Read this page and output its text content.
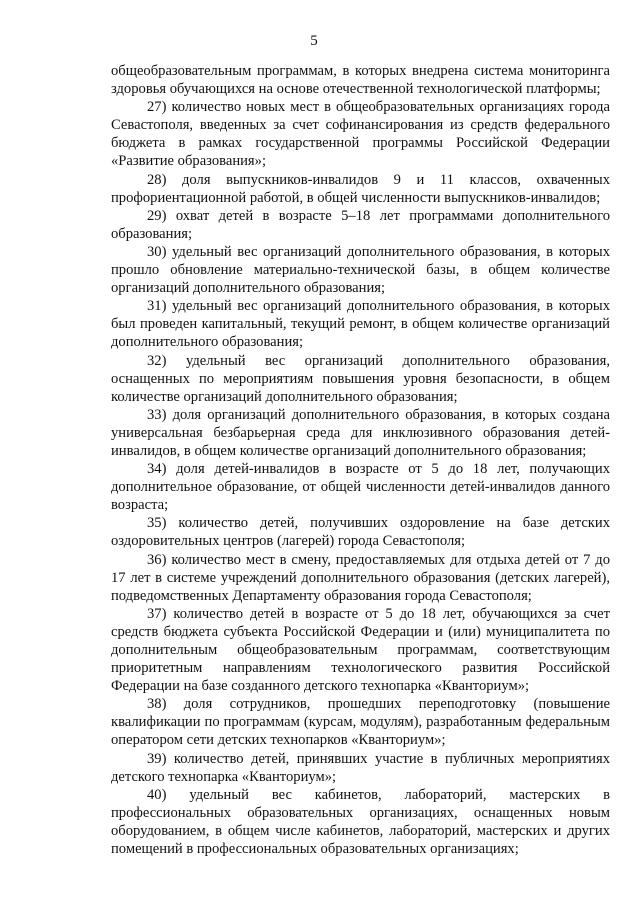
5

общеобразовательным программам, в которых внедрена система мониторинга здоровья обучающихся на основе отечественной технологической платформы;

27) количество новых мест в общеобразовательных организациях города Севастополя, введенных за счет софинансирования из средств федерального бюджета в рамках государственной программы Российской Федерации «Развитие образования»;

28) доля выпускников-инвалидов 9 и 11 классов, охваченных профориентационной работой, в общей численности выпускников-инвалидов;

29) охват детей в возрасте 5–18 лет программами дополнительного образования;

30) удельный вес организаций дополнительного образования, в которых прошло обновление материально-технической базы, в общем количестве организаций дополнительного образования;

31) удельный вес организаций дополнительного образования, в которых был проведен капитальный, текущий ремонт, в общем количестве организаций дополнительного образования;

32) удельный вес организаций дополнительного образования, оснащенных по мероприятиям повышения уровня безопасности, в общем количестве организаций дополнительного образования;

33) доля организаций дополнительного образования, в которых создана универсальная безбарьерная среда для инклюзивного образования детей-инвалидов, в общем количестве организаций дополнительного образования;

34) доля детей-инвалидов в возрасте от 5 до 18 лет, получающих дополнительное образование, от общей численности детей-инвалидов данного возраста;

35) количество детей, получивших оздоровление на базе детских оздоровительных центров (лагерей) города Севастополя;

36) количество мест в смену, предоставляемых для отдыха детей от 7 до 17 лет в системе учреждений дополнительного образования (детских лагерей), подведомственных Департаменту образования города Севастополя;

37) количество детей в возрасте от 5 до 18 лет, обучающихся за счет средств бюджета субъекта Российской Федерации и (или) муниципалитета по дополнительным общеобразовательным программам, соответствующим приоритетным направлениям технологического развития Российской Федерации на базе созданного детского технопарка «Кванториум»;

38) доля сотрудников, прошедших переподготовку (повышение квалификации по программам (курсам, модулям), разработанным федеральным оператором сети детских технопарков «Кванториум»;

39) количество детей, принявших участие в публичных мероприятиях детского технопарка «Кванториум»;

40) удельный вес кабинетов, лабораторий, мастерских в профессиональных образовательных организациях, оснащенных новым оборудованием, в общем числе кабинетов, лабораторий, мастерских и других помещений в профессиональных образовательных организациях;
